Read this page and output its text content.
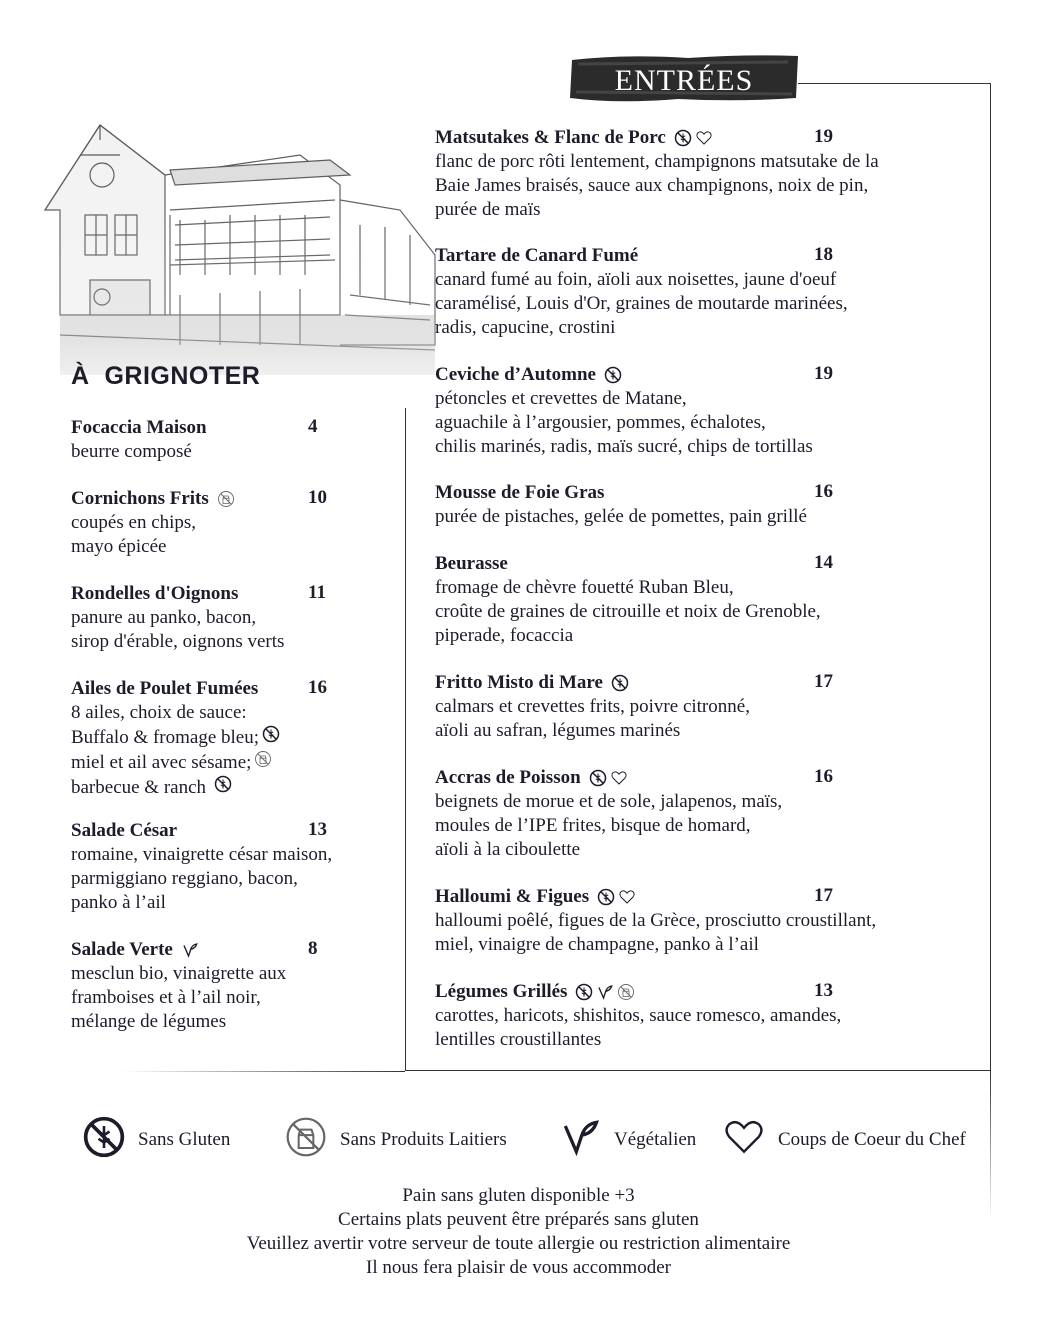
ENTRÉES
À  GRIGNOTER
Matsutakes & Flanc de Porc	19
flanc de porc rôti lentement, champignons matsutake de la
Baie James braisés, sauce aux champignons, noix de pin,
purée de maïs
Tartare de Canard Fumé	18
canard fumé au foin, aïoli aux noisettes, jaune d'oeuf
caramélisé, Louis d'Or, graines de moutarde marinées,
radis, capucine, crostini
Ceviche d’Automne	19
pétoncles et crevettes de Matane,
aguachile à l’argousier, pommes, échalotes,
chilis marinés, radis, maïs sucré, chips de tortillas
Mousse de Foie Gras	16
purée de pistaches, gelée de pomettes, pain grillé
Beurasse	14
fromage de chèvre fouetté Ruban Bleu,
croûte de graines de citrouille et noix de Grenoble,
piperade, focaccia
Fritto Misto di Mare	17
calmars et crevettes frits, poivre citronné,
aïoli au safran, légumes marinés
Accras de Poisson	16
beignets de morue et de sole, jalapenos, maïs,
moules de l’IPE frites, bisque de homard,
aïoli à la ciboulette
Halloumi & Figues	17
halloumi poêlé, figues de la Grèce, prosciutto croustillant,
miel, vinaigre de champagne, panko à l’ail
Légumes Grillés	13
carottes, haricots, shishitos, sauce romesco, amandes,
lentilles croustillantes
Focaccia Maison	4
beurre composé
Cornichons Frits	10
coupés en chips,
mayo épicée
Rondelles d'Oignons	11
panure au panko, bacon,
sirop d'érable, oignons verts
Ailes de Poulet Fumées	16
8 ailes, choix de sauce:
Buffalo & fromage bleu;
miel et ail avec sésame;
barbecue & ranch
Salade César	13
romaine, vinaigrette césar maison,
parmiggiano reggiano, bacon,
panko à l’ail
Salade Verte	8
mesclun bio, vinaigrette aux
framboises et à l’ail noir,
mélange de légumes
Sans Gluten	Sans Produits Laitiers	Végétalien	Coups de Coeur du Chef
Pain sans gluten disponible +3
Certains plats peuvent être préparés sans gluten
Veuillez avertir votre serveur de toute allergie ou restriction alimentaire
Il nous fera plaisir de vous accommoder
